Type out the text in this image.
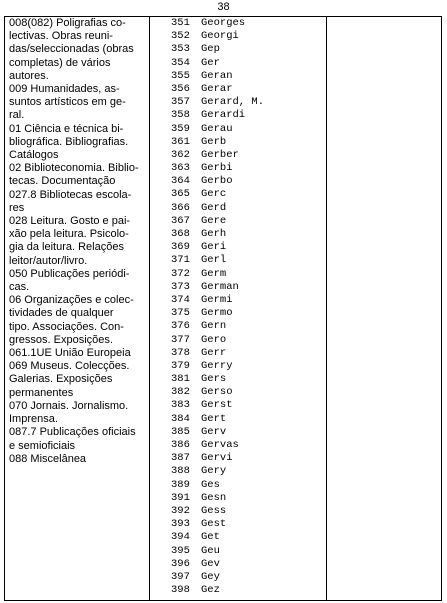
38
008(082) Poligrafias co-
lectivas. Obras reuni-
das/seleccionadas (obras
completas) de vários
autores.
009 Humanidades, as-
suntos artísticos em ge-
ral.
01 Ciência e técnica bi-
bliográfica. Bibliografias.
Catálogos
02 Biblioteconomia. Biblio-
tecas. Documentação
027.8 Bibliotecas escola-
res
028 Leitura. Gosto e pai-
xão pela leitura. Psicolo-
gia da leitura. Relações
leitor/autor/livro.
050 Publicações periódi-
cas.
06 Organizações e colec-
tividades de qualquer
tipo. Associações. Con-
gressos. Exposições.
061.1UE União Europeia
069 Museus. Colecções.
Galerias. Exposições
permanentes
070 Jornais. Jornalismo.
Imprensa.
087.7 Publicações oficiais
e semioficiais
088 Miscelânea
351 Georges
352 Georgi
353 Gep
354 Ger
355 Geran
356 Gerar
357 Gerard, M.
358 Gerardi
359 Gerau
361 Gerb
362 Gerber
363 Gerbi
364 Gerbo
365 Gerc
366 Gerd
367 Gere
368 Gerh
369 Geri
371 Gerl
372 Germ
373 German
374 Germi
375 Germo
376 Gern
377 Gero
378 Gerr
379 Gerry
381 Gers
382 Gerso
383 Gerst
384 Gert
385 Gerv
386 Gervas
387 Gervi
388 Gery
389 Ges
391 Gesn
392 Gess
393 Gest
394 Get
395 Geu
396 Gev
397 Gey
398 Gez
